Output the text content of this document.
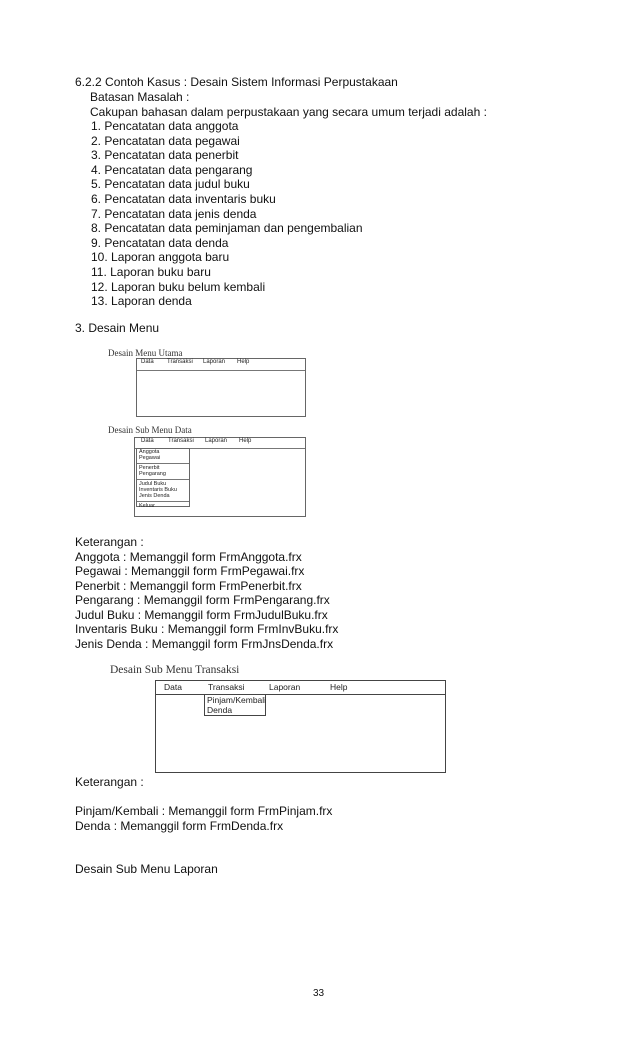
6.2.2 Contoh Kasus : Desain Sistem Informasi Perpustakaan
Batasan Masalah :
Cakupan bahasan dalam perpustakaan yang secara umum terjadi adalah :
1. Pencatatan data anggota
2. Pencatatan data pegawai
3. Pencatatan data penerbit
4. Pencatatan data pengarang
5. Pencatatan data judul buku
6. Pencatatan data inventaris buku
7. Pencatatan data jenis denda
8. Pencatatan data peminjaman dan pengembalian
9. Pencatatan data denda
10. Laporan anggota baru
11. Laporan buku baru
12. Laporan buku belum kembali
13. Laporan denda
3. Desain Menu
Desain Menu Utama
Data Transaksi Laporan Help
Desain Sub Menu Data
Data Transaksi Laporan Help
Anggota
Pegawai
Penerbit
Pengarang
Judul Buku
Inventaris Buku
Jenis Denda
Keluar
Keterangan :
Anggota : Memanggil form FrmAnggota.frx
Pegawai : Memanggil form FrmPegawai.frx
Penerbit : Memanggil form FrmPenerbit.frx
Pengarang : Memanggil form FrmPengarang.frx
Judul Buku : Memanggil form FrmJudulBuku.frx
Inventaris Buku : Memanggil form FrmInvBuku.frx
Jenis Denda : Memanggil form FrmJnsDenda.frx
Desain Sub Menu Transaksi
Data	Transaksi	Laporan	Help
Pinjam/Kembali
Denda
Keterangan :
Pinjam/Kembali : Memanggil form FrmPinjam.frx
Denda : Memanggil form FrmDenda.frx
Desain Sub Menu Laporan
33
